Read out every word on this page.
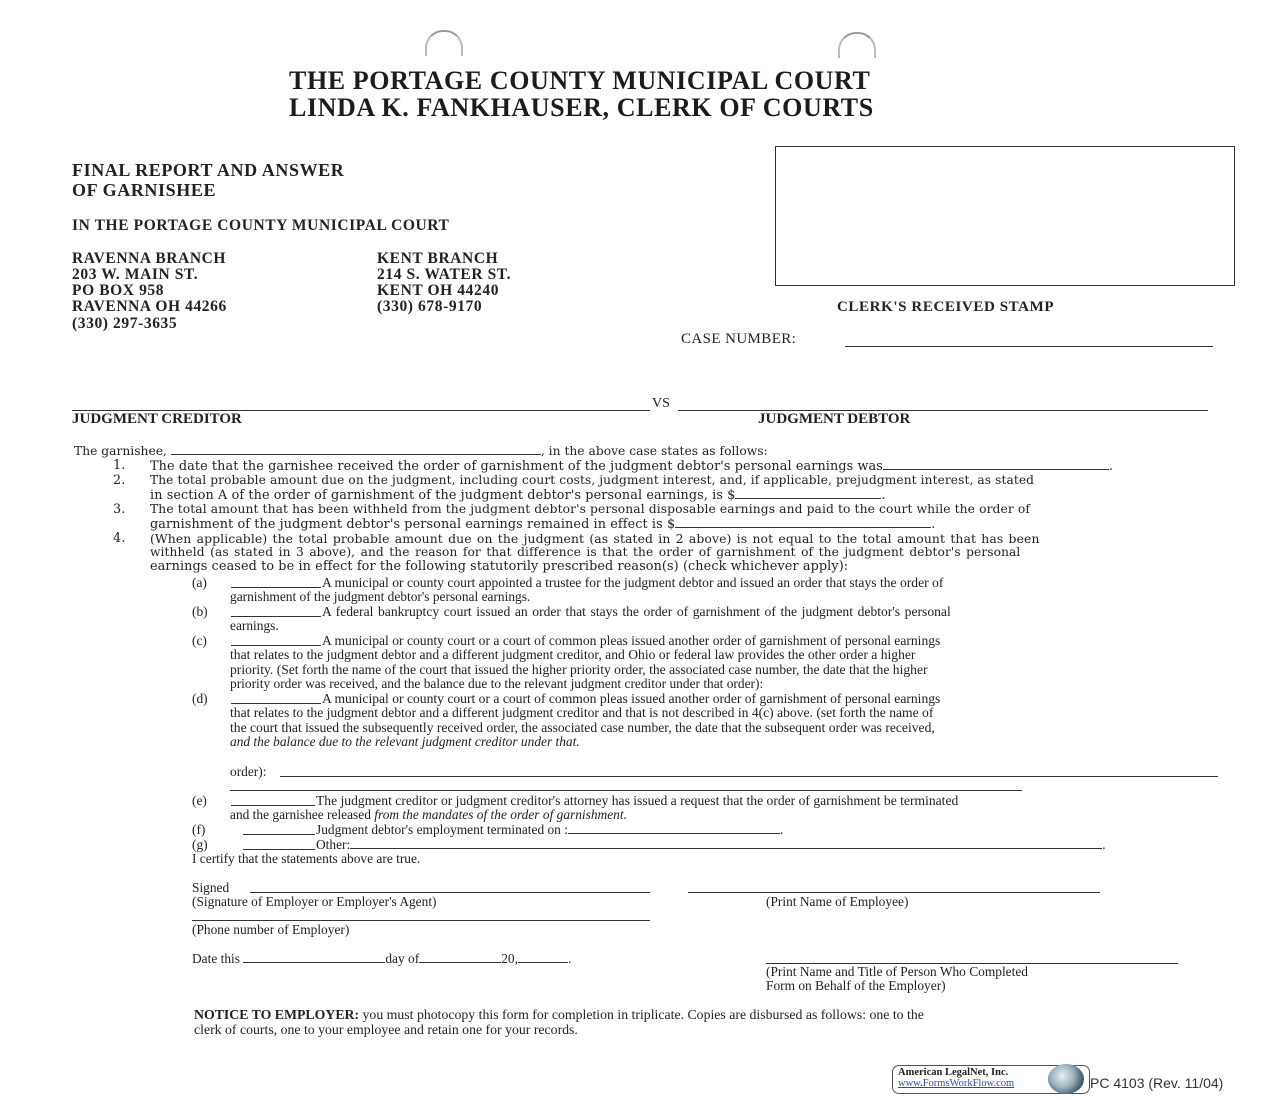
THE PORTAGE COUNTY MUNICIPAL COURT
LINDA K. FANKHAUSER, CLERK OF COURTS
FINAL REPORT AND ANSWER
OF GARNISHEE
IN THE PORTAGE COUNTY MUNICIPAL COURT
RAVENNA BRANCH
203 W. MAIN ST.
PO BOX 958
RAVENNA OH 44266
(330) 297-3635
KENT BRANCH
214 S. WATER ST.
KENT OH 44240
(330) 678-9170	CLERK'S RECEIVED STAMP
CASE NUMBER:
VS
JUDGMENT CREDITOR	JUDGMENT DEBTOR
The garnishee,	, in the above case states as follows:
1. The date that the garnishee received the order of garnishment of the judgment debtor's personal earnings was	.
2. The total probable amount due on the judgment, including court costs, judgment interest, and, if applicable, prejudgment interest, as stated
in section A of the order of garnishment of the judgment debtor's personal earnings, is $	.
3. The total amount that has been withheld from the judgment debtor's personal disposable earnings and paid to the court while the order of
garnishment of the judgment debtor's personal earnings remained in effect is $	.
4. (When applicable) the total probable amount due on the judgment (as stated in 2 above) is not equal to the total amount that has been
withheld (as stated in 3 above), and the reason for that difference is that the order of garnishment of the judgment debtor's personal
earnings ceased to be in effect for the following statutorily prescribed reason(s) (check whichever apply):
(a)	A municipal or county court appointed a trustee for the judgment debtor and issued an order that stays the order of
garnishment of the judgment debtor's personal earnings.
(b)	A federal bankruptcy court issued an order that stays the order of garnishment of the judgment debtor's personal
earnings.
(c)	A municipal or county court or a court of common pleas issued another order of garnishment of personal earnings
that relates to the judgment debtor and a different judgment creditor, and Ohio or federal law provides the other order a higher
priority. (Set forth the name of the court that issued the higher priority order, the associated case number, the date that the higher
priority order was received, and the balance due to the relevant judgment creditor under that order):
(d)	A municipal or county court or a court of common pleas issued another order of garnishment of personal earnings
that relates to the judgment debtor and a different judgment creditor and that is not described in 4(c) above. (set forth the name of
the court that issued the subsequently received order, the associated case number, the date that the subsequent order was received,
and the balance due to the relevant judgment creditor under that.
order):
(e)	The judgment creditor or judgment creditor's attorney has issued a request that the order of garnishment be terminated
and the garnishee released from the mandates of the order of garnishment.
(f)	Judgment debtor's employment terminated on :	.
(g)	Other:	.
I certify that the statements above are true.
Signed
(Signature of Employer or Employer's Agent)	(Print Name of Employee)
(Phone number of Employer)
Date this	day of	20,	.
(Print Name and Title of Person Who Completed
Form on Behalf of the Employer)
NOTICE TO EMPLOYER: you must photocopy this form for completion in triplicate. Copies are disbursed as follows: one to the
clerk of courts, one to your employee and retain one for your records.
American LegalNet, Inc.
www.FormsWorkFlow.com	PC 4103 (Rev. 11/04)
